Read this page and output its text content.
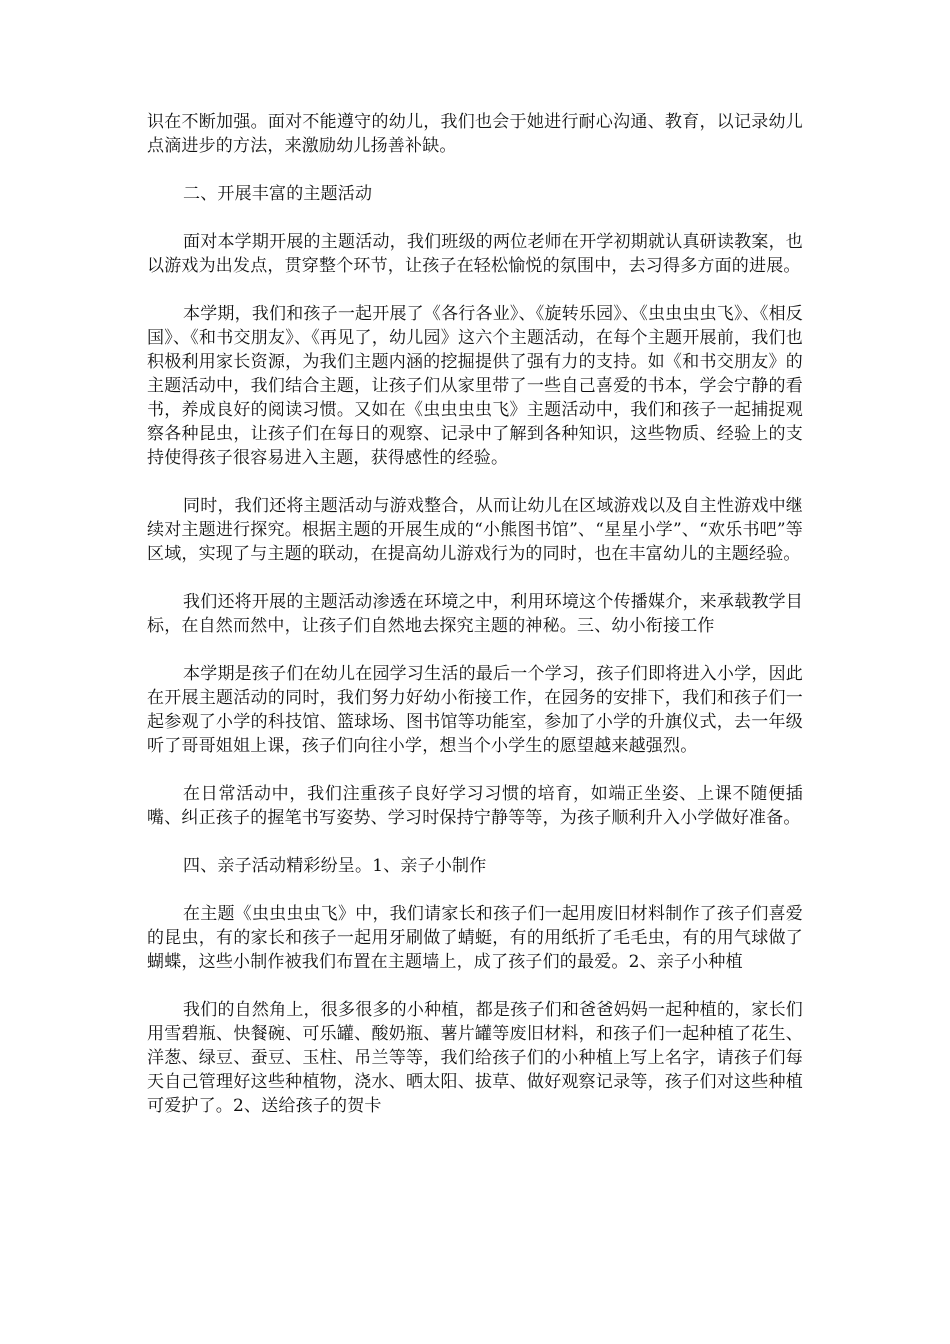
识在不断加强。面对不能遵守的幼儿，我们也会于她进行耐心沟通、教育，以记录幼儿点滴进步的方法，来激励幼儿扬善补缺。

二、开展丰富的主题活动

面对本学期开展的主题活动，我们班级的两位老师在开学初期就认真研读教案，也以游戏为出发点，贯穿整个环节，让孩子在轻松愉悦的氛围中，去习得多方面的进展。

本学期，我们和孩子一起开展了《各行各业》、《旋转乐园》、《虫虫虫虫飞》、《相反国》、《和书交朋友》、《再见了，幼儿园》这六个主题活动，在每个主题开展前，我们也积极利用家长资源，为我们主题内涵的挖掘提供了强有力的支持。如《和书交朋友》的主题活动中，我们结合主题，让孩子们从家里带了一些自己喜爱的书本，学会宁静的看书，养成良好的阅读习惯。又如在《虫虫虫虫飞》主题活动中，我们和孩子一起捕捉观察各种昆虫，让孩子们在每日的观察、记录中了解到各种知识，这些物质、经验上的支持使得孩子很容易进入主题，获得感性的经验。

同时，我们还将主题活动与游戏整合，从而让幼儿在区域游戏以及自主性游戏中继续对主题进行探究。根据主题的开展生成的“小熊图书馆”、“星星小学”、“欢乐书吧”等区域，实现了与主题的联动，在提高幼儿游戏行为的同时，也在丰富幼儿的主题经验。

我们还将开展的主题活动渗透在环境之中，利用环境这个传播媒介，来承载教学目标，在自然而然中，让孩子们自然地去探究主题的神秘。三、幼小衔接工作

本学期是孩子们在幼儿在园学习生活的最后一个学习，孩子们即将进入小学，因此在开展主题活动的同时，我们努力好幼小衔接工作，在园务的安排下，我们和孩子们一起参观了小学的科技馆、篮球场、图书馆等功能室，参加了小学的升旗仪式，去一年级听了哥哥姐姐上课，孩子们向往小学，想当个小学生的愿望越来越强烈。

在日常活动中，我们注重孩子良好学习习惯的培育，如端正坐姿、上课不随便插嘴、纠正孩子的握笔书写姿势、学习时保持宁静等等，为孩子顺利升入小学做好准备。

四、亲子活动精彩纷呈。1、亲子小制作

在主题《虫虫虫虫飞》中，我们请家长和孩子们一起用废旧材料制作了孩子们喜爱的昆虫，有的家长和孩子一起用牙刷做了蜻蜓，有的用纸折了毛毛虫，有的用气球做了蝴蝶，这些小制作被我们布置在主题墙上，成了孩子们的最爱。2、亲子小种植

我们的自然角上，很多很多的小种植，都是孩子们和爸爸妈妈一起种植的，家长们用雪碧瓶、快餐碗、可乐罐、酸奶瓶、薯片罐等废旧材料，和孩子们一起种植了花生、洋葱、绿豆、蚕豆、玉柱、吊兰等等，我们给孩子们的小种植上写上名字，请孩子们每天自己管理好这些种植物，浇水、晒太阳、拔草、做好观察记录等，孩子们对这些种植可爱护了。2、送给孩子的贺卡
